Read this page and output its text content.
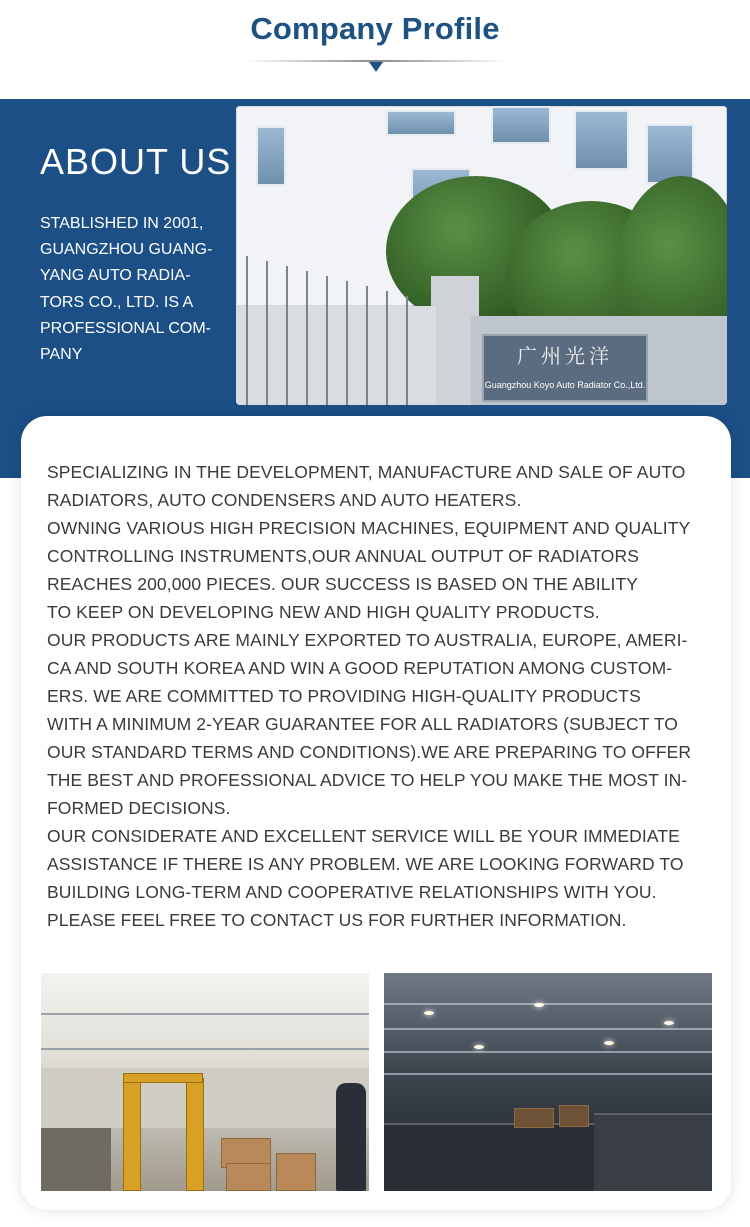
Company Profile
ABOUT US

STABLISHED IN 2001,
GUANGZHOU GUANG-
YANG AUTO RADIA-
TORS CO., LTD. IS A
PROFESSIONAL COM-
PANY	广州光洋
Guangzhou Koyo Auto Radiator Co.,Ltd.

SPECIALIZING IN THE DEVELOPMENT, MANUFACTURE AND SALE OF AUTO
RADIATORS, AUTO CONDENSERS AND AUTO HEATERS.

OWNING VARIOUS HIGH PRECISION MACHINES, EQUIPMENT AND QUALITY
CONTROLLING INSTRUMENTS,OUR ANNUAL OUTPUT OF RADIATORS
REACHES 200,000 PIECES. OUR SUCCESS IS BASED ON THE ABILITY
TO KEEP ON DEVELOPING NEW AND HIGH QUALITY PRODUCTS.

OUR PRODUCTS ARE MAINLY EXPORTED TO AUSTRALIA, EUROPE, AMERI-
CA AND SOUTH KOREA AND WIN A GOOD REPUTATION AMONG CUSTOM-
ERS. WE ARE COMMITTED TO PROVIDING HIGH-QUALITY PRODUCTS
WITH A MINIMUM 2-YEAR GUARANTEE FOR ALL RADIATORS (SUBJECT TO
OUR STANDARD TERMS AND CONDITIONS).WE ARE PREPARING TO OFFER
THE BEST AND PROFESSIONAL ADVICE TO HELP YOU MAKE THE MOST IN-
FORMED DECISIONS.

OUR CONSIDERATE AND EXCELLENT SERVICE WILL BE YOUR IMMEDIATE
ASSISTANCE IF THERE IS ANY PROBLEM. WE ARE LOOKING FORWARD TO
BUILDING LONG-TERM AND COOPERATIVE RELATIONSHIPS WITH YOU.
PLEASE FEEL FREE TO CONTACT US FOR FURTHER INFORMATION.
